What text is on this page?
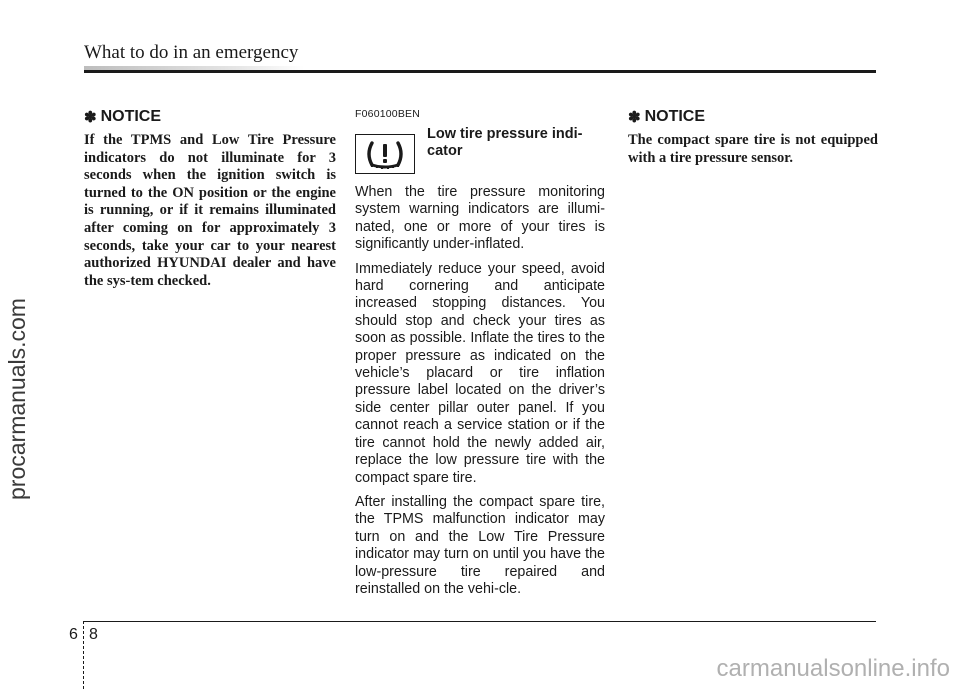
What to do in an emergency
procarmanuals.com
✽ NOTICE

If the TPMS and Low Tire Pressure indicators do not illuminate for 3 seconds when the ignition switch is turned to the ON position or the engine is running, or if it remains illuminated after coming on for approximately 3 seconds, take your car to your nearest authorized HYUNDAI dealer and have the sys-tem checked.

F060100BEN

Low tire pressure indi-cator

When the tire pressure monitoring system warning indicators are illumi-nated, one or more of your tires is significantly under-inflated.

Immediately reduce your speed, avoid hard cornering and anticipate increased stopping distances. You should stop and check your tires as soon as possible. Inflate the tires to the proper pressure as indicated on the vehicle’s placard or tire inflation pressure label located on the driver’s side center pillar outer panel. If you cannot reach a service station or if the tire cannot hold the newly added air, replace the low pressure tire with the compact spare tire.

After installing the compact spare tire, the TPMS malfunction indicator may turn on and the Low Tire Pressure indicator may turn on until you have the low-pressure tire repaired and reinstalled on the vehi-cle.

✽ NOTICE

The compact spare tire is not equipped with a tire pressure sensor.

6 8
carmanualsonline.info
